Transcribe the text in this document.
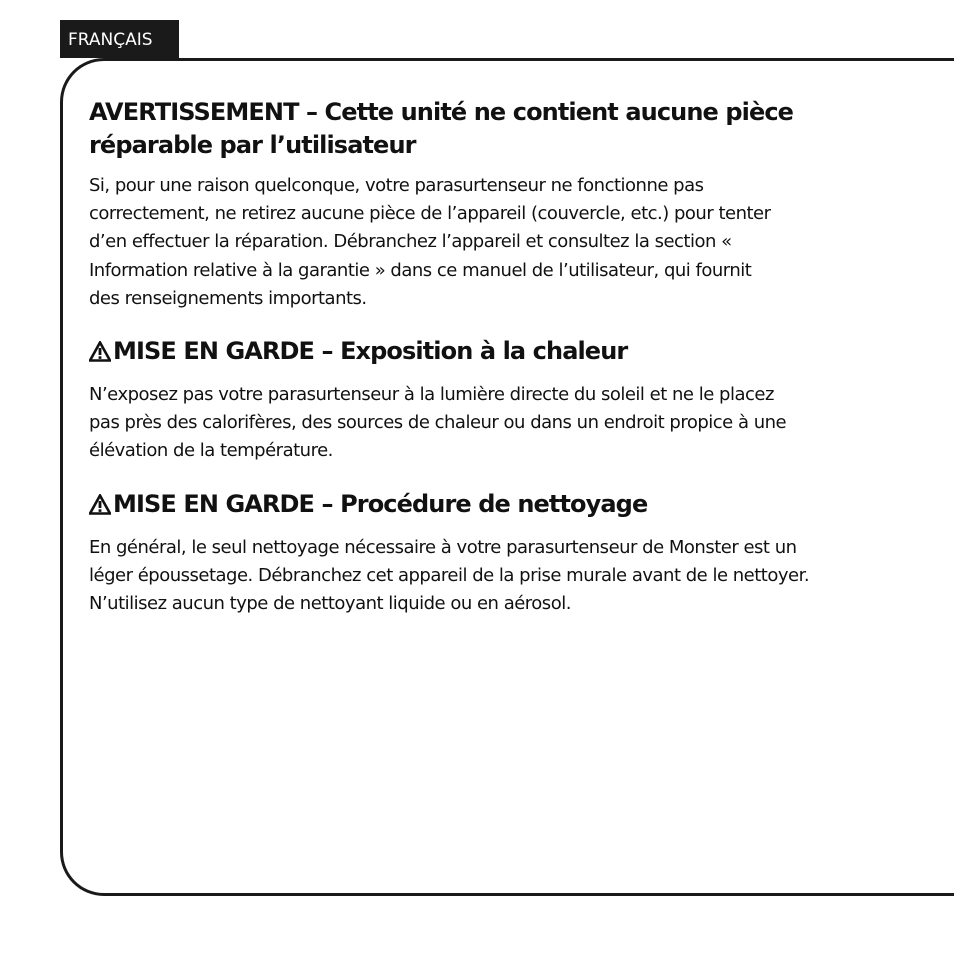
FRANÇAIS
AVERTISSEMENT – Cette unité ne contient aucune pièce
réparable par l’utilisateur

Si, pour une raison quelconque, votre parasurtenseur ne fonctionne pas
correctement, ne retirez aucune pièce de l’appareil (couvercle, etc.) pour tenter
d’en effectuer la réparation. Débranchez l’appareil et consultez la section «
Information relative à la garantie » dans ce manuel de l’utilisateur, qui fournit
des renseignements importants.

MISE EN GARDE – Exposition à la chaleur

N’exposez pas votre parasurtenseur à la lumière directe du soleil et ne le placez
pas près des calorifères, des sources de chaleur ou dans un endroit propice à une
élévation de la température.

MISE EN GARDE – Procédure de nettoyage

En général, le seul nettoyage nécessaire à votre parasurtenseur de Monster est un
léger époussetage. Débranchez cet appareil de la prise murale avant de le nettoyer.
N’utilisez aucun type de nettoyant liquide ou en aérosol.
